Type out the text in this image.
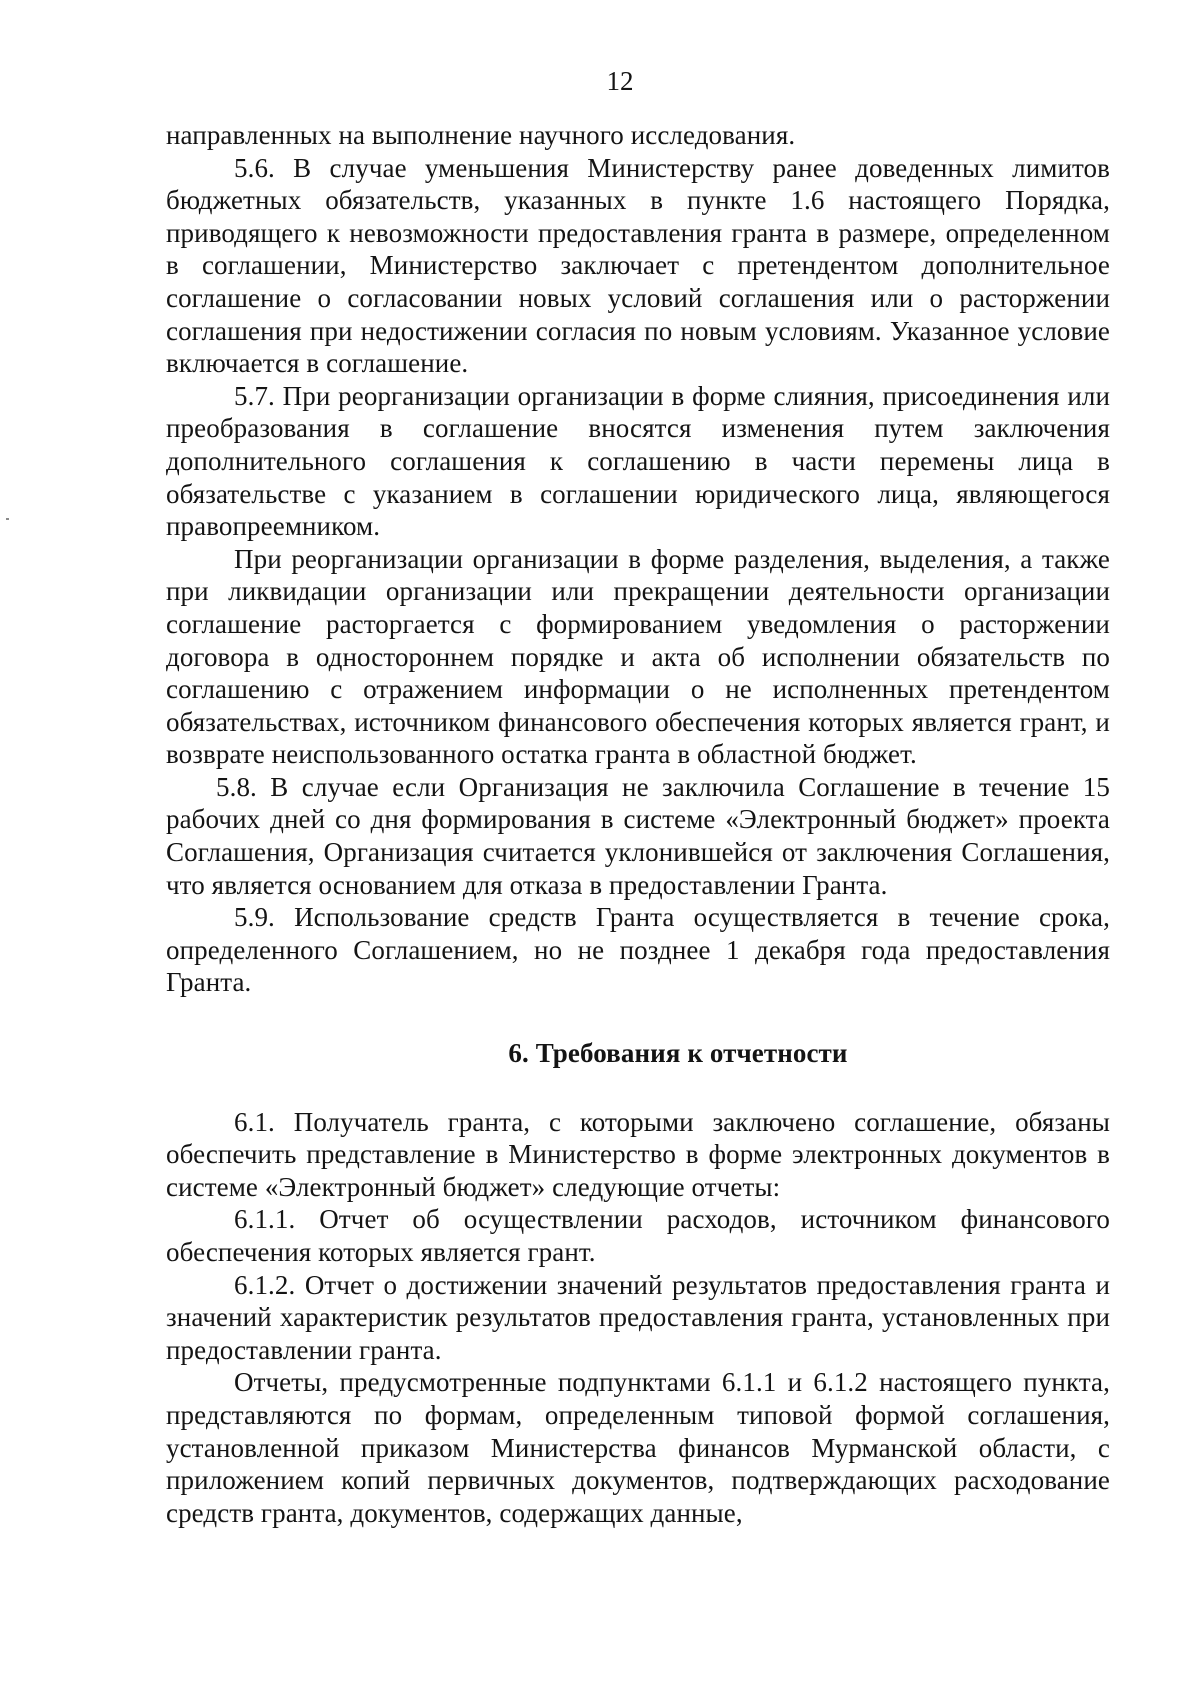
12

направленных на выполнение научного исследования.

5.6. В случае уменьшения Министерству ранее доведенных лимитов бюджетных обязательств, указанных в пункте 1.6 настоящего Порядка, приводящего к невозможности предоставления гранта в размере, определенном в соглашении, Министерство заключает с претендентом дополнительное соглашение о согласовании новых условий соглашения или о расторжении соглашения при недостижении согласия по новым условиям. Указанное условие включается в соглашение.

5.7. При реорганизации организации в форме слияния, присоединения или преобразования в соглашение вносятся изменения путем заключения дополнительного соглашения к соглашению в части перемены лица в обязательстве с указанием в соглашении юридического лица, являющегося правопреемником.

При реорганизации организации в форме разделения, выделения, а также при ликвидации организации или прекращении деятельности организации соглашение расторгается с формированием уведомления о расторжении договора в одностороннем порядке и акта об исполнении обязательств по соглашению с отражением информации о не исполненных претендентом обязательствах, источником финансового обеспечения которых является грант, и возврате неиспользованного остатка гранта в областной бюджет.

5.8. В случае если Организация не заключила Соглашение в течение 15 рабочих дней со дня формирования в системе «Электронный бюджет» проекта Соглашения, Организация считается уклонившейся от заключения Соглашения, что является основанием для отказа в предоставлении Гранта.

5.9. Использование средств Гранта осуществляется в течение срока, определенного Соглашением, но не позднее 1 декабря года предоставления Гранта.

6. Требования к отчетности

6.1. Получатель гранта, с которыми заключено соглашение, обязаны обеспечить представление в Министерство в форме электронных документов в системе «Электронный бюджет» следующие отчеты:

6.1.1. Отчет об осуществлении расходов, источником финансового обеспечения которых является грант.

6.1.2. Отчет о достижении значений результатов предоставления гранта и значений характеристик результатов предоставления гранта, установленных при предоставлении гранта.

Отчеты, предусмотренные подпунктами 6.1.1 и 6.1.2 настоящего пункта, представляются по формам, определенным типовой формой соглашения, установленной приказом Министерства финансов Мурманской области, с приложением копий первичных документов, подтверждающих расходование средств гранта, документов, содержащих данные,
